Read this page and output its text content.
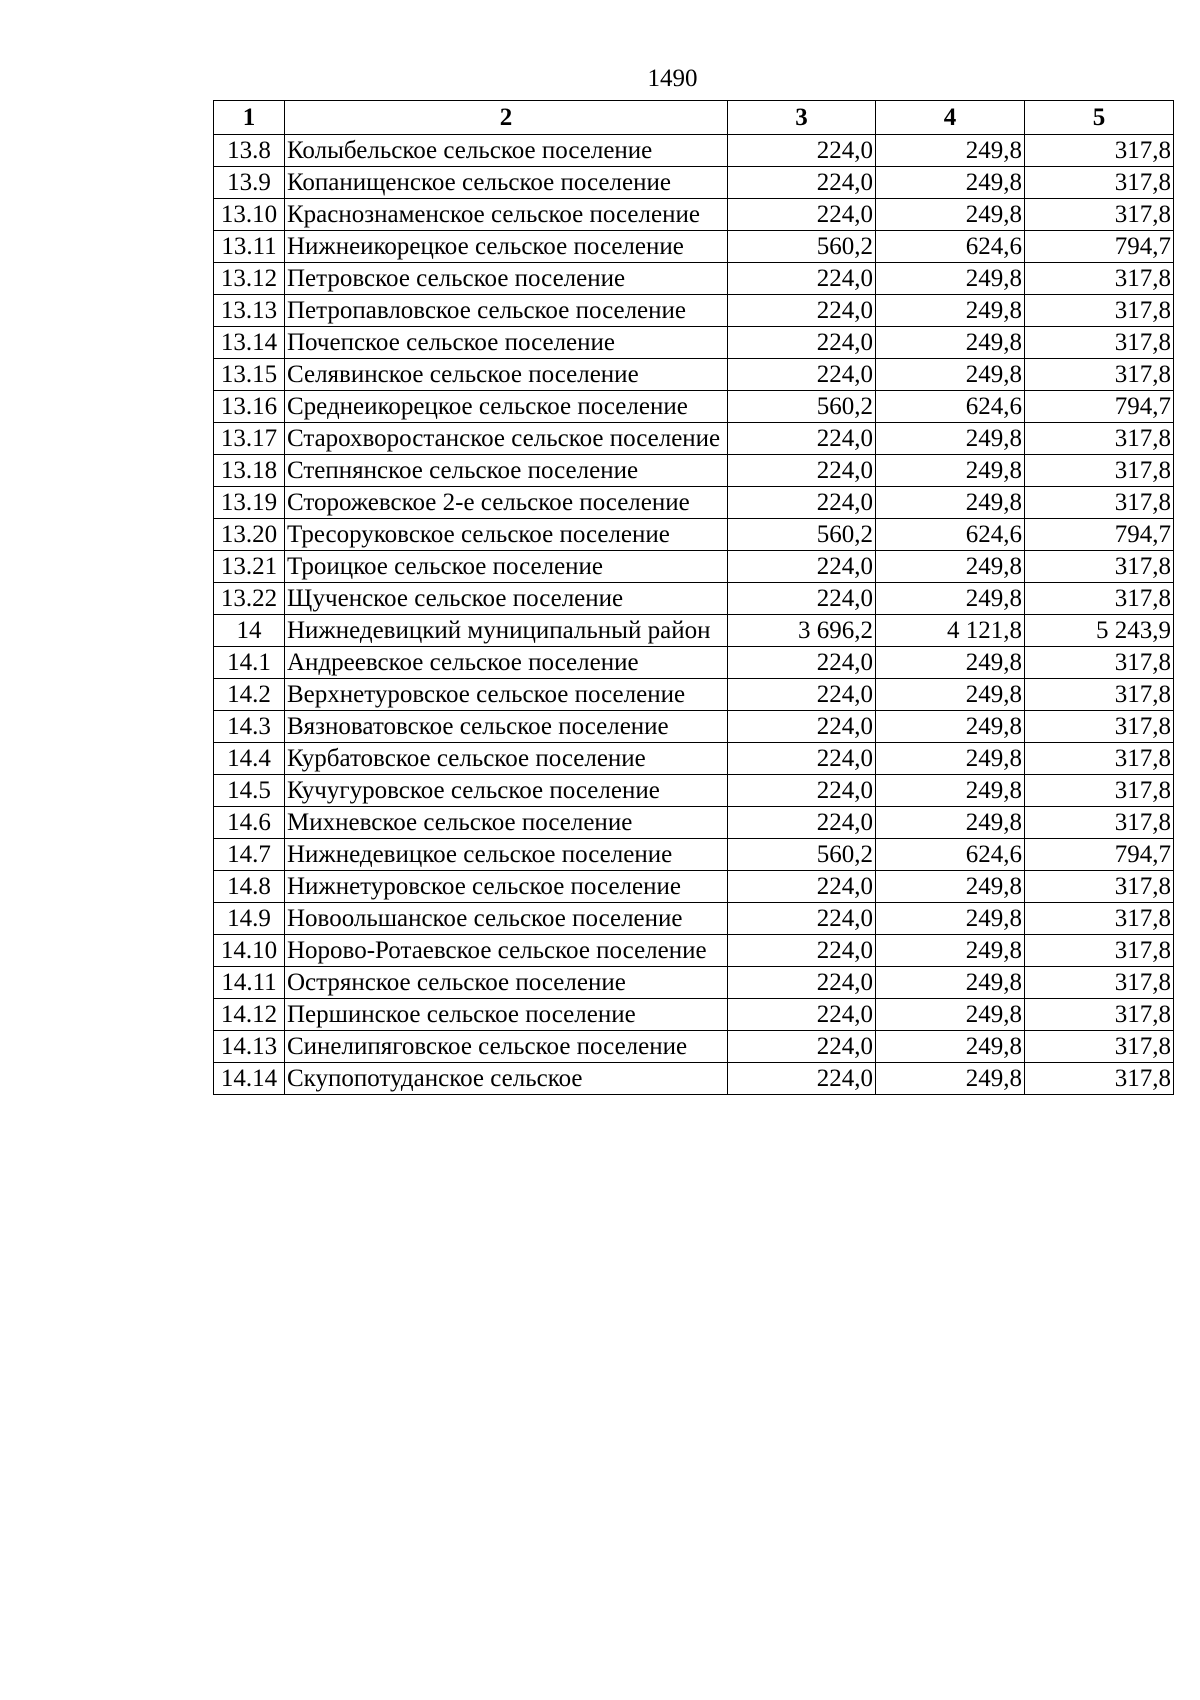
1490
1	2	3	4	5
13.8	Колыбельское сельское поселение	224,0	249,8	317,8
13.9	Копанищенское сельское поселение	224,0	249,8	317,8
13.10	Краснознаменское сельское поселение	224,0	249,8	317,8
13.11	Нижнеикорецкое сельское поселение	560,2	624,6	794,7
13.12	Петровское сельское поселение	224,0	249,8	317,8
13.13	Петропавловское сельское поселение	224,0	249,8	317,8
13.14	Почепское сельское поселение	224,0	249,8	317,8
13.15	Селявинское сельское поселение	224,0	249,8	317,8
13.16	Среднеикорецкое сельское поселение	560,2	624,6	794,7
13.17	Старохворостанское сельское поселение	224,0	249,8	317,8
13.18	Степнянское сельское поселение	224,0	249,8	317,8
13.19	Сторожевское 2-е сельское поселение	224,0	249,8	317,8
13.20	Тресоруковское сельское поселение	560,2	624,6	794,7
13.21	Троицкое сельское поселение	224,0	249,8	317,8
13.22	Щученское сельское поселение	224,0	249,8	317,8
14	Нижнедевицкий муниципальный район	3 696,2	4 121,8	5 243,9
14.1	Андреевское сельское поселение	224,0	249,8	317,8
14.2	Верхнетуровское сельское поселение	224,0	249,8	317,8
14.3	Вязноватовское сельское поселение	224,0	249,8	317,8
14.4	Курбатовское сельское поселение	224,0	249,8	317,8
14.5	Кучугуровское сельское поселение	224,0	249,8	317,8
14.6	Михневское сельское поселение	224,0	249,8	317,8
14.7	Нижнедевицкое сельское поселение	560,2	624,6	794,7
14.8	Нижнетуровское сельское поселение	224,0	249,8	317,8
14.9	Новоольшанское сельское поселение	224,0	249,8	317,8
14.10	Норово-Ротаевское сельское поселение	224,0	249,8	317,8
14.11	Острянское сельское поселение	224,0	249,8	317,8
14.12	Першинское сельское поселение	224,0	249,8	317,8
14.13	Синелипяговское сельское поселение	224,0	249,8	317,8
14.14	Скупопотуданское сельское	224,0	249,8	317,8
